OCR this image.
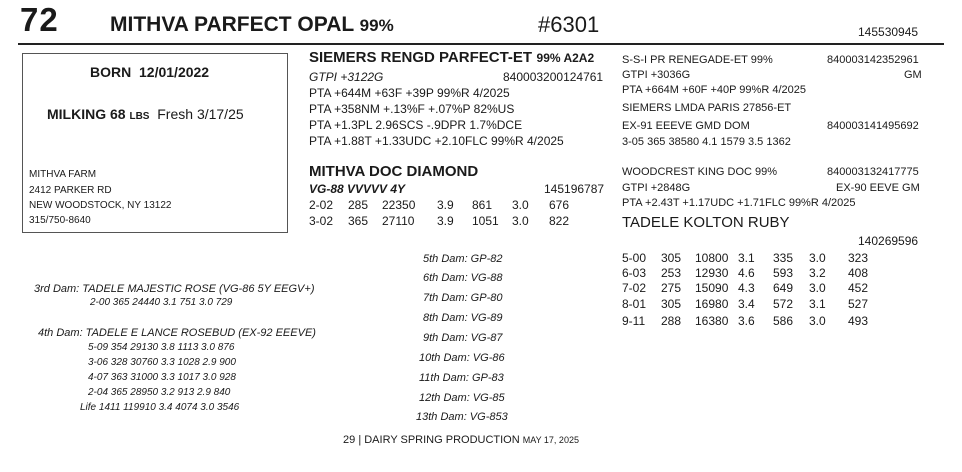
72 MITHVA PARFECT OPAL 99%	#6301	145530945
BORN 12/01/2022
MILKING 68 LBS Fresh 3/17/25
MITHVA FARM
2412 PARKER RD
NEW WOODSTOCK, NY 13122
315/750-8640
SIEMERS RENGD PARFECT-ET 99% A2A2
GTPI +3122G	840003200124761
PTA +644M +63F +39P 99%R 4/2025
PTA +358NM +.13%F +.07%P 82%US
PTA +1.3PL 2.96SCS -.9DPR 1.7%DCE
PTA +1.88T +1.33UDC +2.10FLC 99%R 4/2025
S-S-I PR RENEGADE-ET 99%	840003142352961
GTPI +3036G	GM
PTA +664M +60F +40P 99%R 4/2025
SIEMERS LMDA PARIS 27856-ET
EX-91 EEEVE GMD DOM	840003141495692
3-05 365 38580 4.1 1579 3.5 1362
MITHVA DOC DIAMOND
VG-88 VVVVV 4Y	145196787
2-02 285 22350 3.9 861 3.0 676
3-02 365 27110 3.9 1051 3.0 822
WOODCREST KING DOC 99%	840003132417775
GTPI +2848G	EX-90 EEVE GM
PTA +2.43T +1.17UDC +1.71FLC 99%R 4/2025
TADELE KOLTON RUBY
140269596
5-00 305 10800 3.1 335 3.0 323
6-03 253 12930 4.6 593 3.2 408
7-02 275 15090 4.3 649 3.0 452
8-01 305 16980 3.4 572 3.1 527
9-11 288 16380 3.6 586 3.0 493
3rd Dam: TADELE MAJESTIC ROSE (VG-86 5Y EEGV+)
2-00 365 24440 3.1 751 3.0 729
4th Dam: TADELE E LANCE ROSEBUD (EX-92 EEEVE)
5-09 354 29130 3.8 1113 3.0 876
3-06 328 30760 3.3 1028 2.9 900
4-07 363 31000 3.3 1017 3.0 928
2-04 365 28950 3.2 913 2.9 840
Life 1411 119910 3.4 4074 3.0 3546
5th Dam: GP-82
6th Dam: VG-88
7th Dam: GP-80
8th Dam: VG-89
9th Dam: VG-87
10th Dam: VG-86
11th Dam: GP-83
12th Dam: VG-85
13th Dam: VG-853
29 | DAIRY SPRING PRODUCTION MAY 17, 2025
